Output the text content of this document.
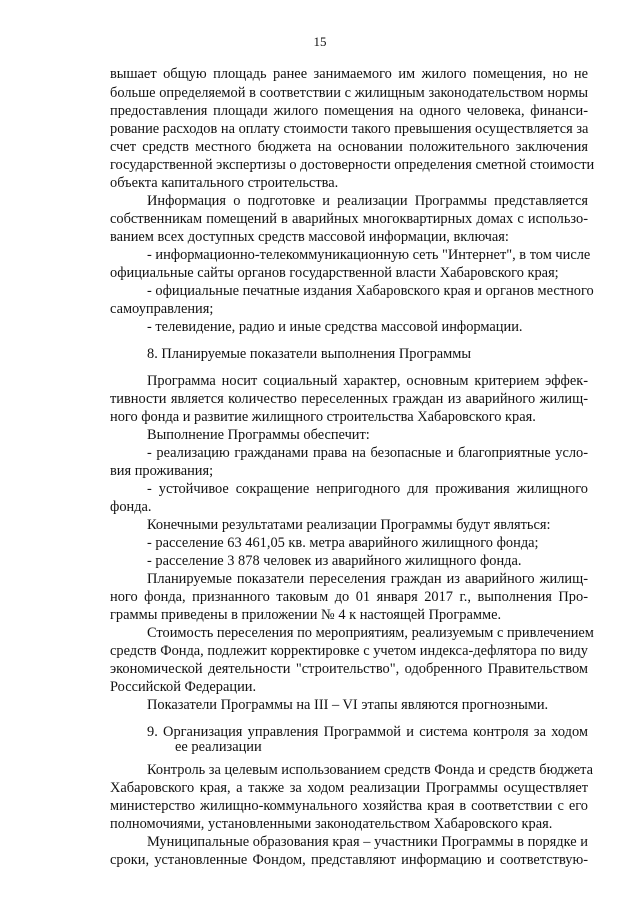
15
вышает общую площадь ранее занимаемого им жилого помещения, но не
больше определяемой в соответствии с жилищным законодательством нормы
предоставления площади жилого помещения на одного человека, финанси-
рование расходов на оплату стоимости такого превышения осуществляется за
счет средств местного бюджета на основании положительного заключения
государственной экспертизы о достоверности определения сметной стоимости
объекта капитального строительства.
Информация о подготовке и реализации Программы представляется
собственникам помещений в аварийных многоквартирных домах с использо-
ванием всех доступных средств массовой информации, включая:
- информационно-телекоммуникационную сеть "Интернет", в том числе
официальные сайты органов государственной власти Хабаровского края;
- официальные печатные издания Хабаровского края и органов местного
самоуправления;
- телевидение, радио и иные средства массовой информации.
8. Планируемые показатели выполнения Программы
Программа носит социальный характер, основным критерием эффек-
тивности является количество переселенных граждан из аварийного жилищ-
ного фонда и развитие жилищного строительства Хабаровского края.
Выполнение Программы обеспечит:
- реализацию гражданами права на безопасные и благоприятные усло-
вия проживания;
- устойчивое сокращение непригодного для проживания жилищного
фонда.
Конечными результатами реализации Программы будут являться:
- расселение 63 461,05 кв. метра аварийного жилищного фонда;
- расселение 3 878 человек из аварийного жилищного фонда.
Планируемые показатели переселения граждан из аварийного жилищ-
ного фонда, признанного таковым до 01 января 2017 г., выполнения Про-
граммы приведены в приложении № 4 к настоящей Программе.
Стоимость переселения по мероприятиям, реализуемым с привлечением
средств Фонда, подлежит корректировке с учетом индекса-дефлятора по виду
экономической деятельности "строительство", одобренного Правительством
Российской Федерации.
Показатели Программы на III – VI этапы являются прогнозными.
9. Организация управления Программой и система контроля за ходом
ее реализации
Контроль за целевым использованием средств Фонда и средств бюджета
Хабаровского края, а также за ходом реализации Программы осуществляет
министерство жилищно-коммунального хозяйства края в соответствии с его
полномочиями, установленными законодательством Хабаровского края.
Муниципальные образования края – участники Программы в порядке и
сроки, установленные Фондом, представляют информацию и соответствую-
